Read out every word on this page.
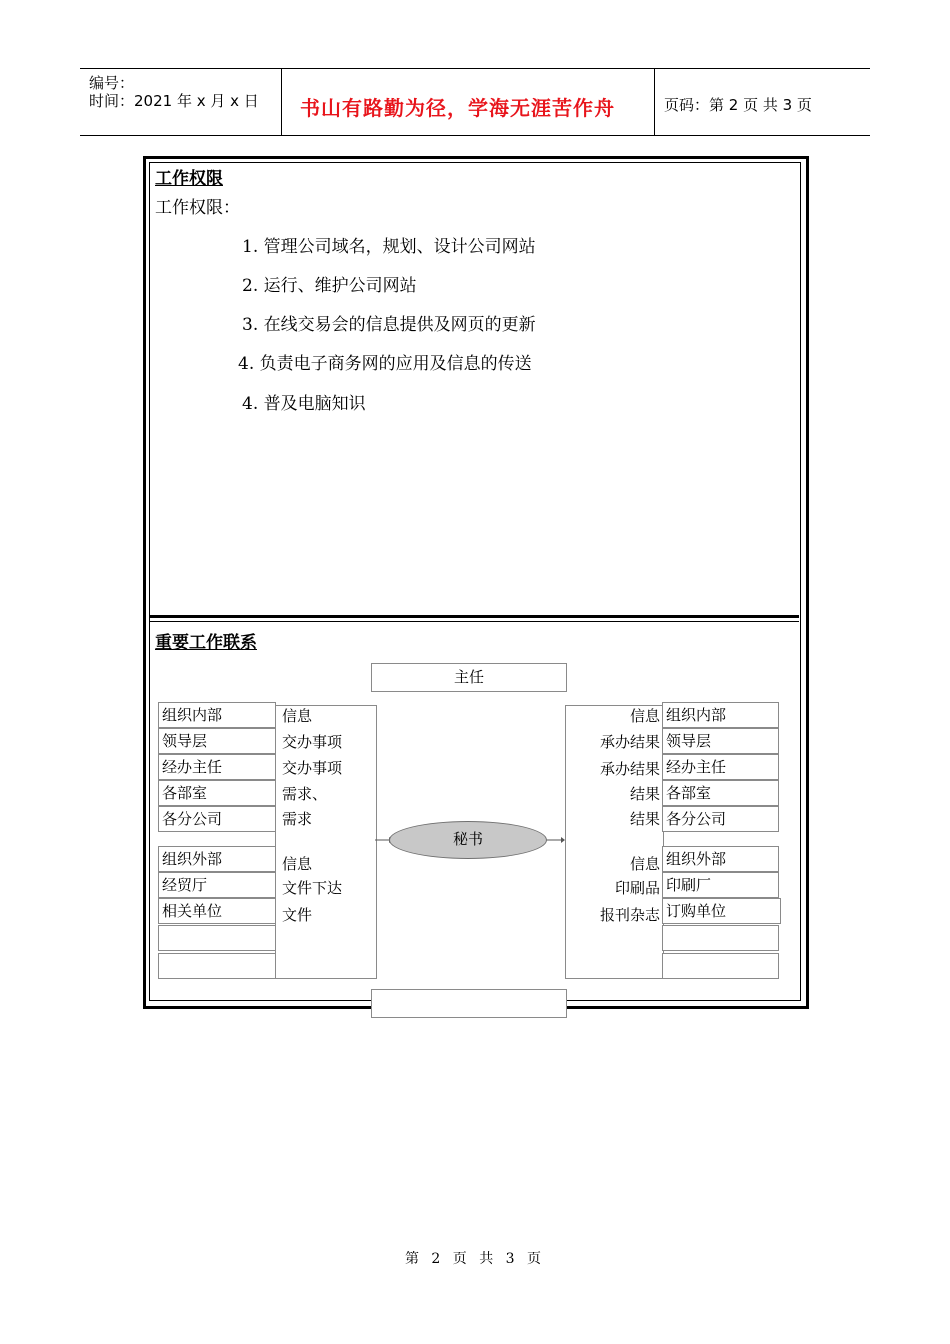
编号：
时间：2021 年 x 月 x 日 书山有路勤为径，学海无涯苦作舟	页码：第 2 页 共 3 页
工作权限
工作权限：
1. 管理公司域名，规划、设计公司网站
2. 运行、维护公司网站
3. 在线交易会的信息提供及网页的更新
4. 负责电子商务网的应用及信息的传送
4. 普及电脑知识
重要工作联系
主任
组织内部
领导层
经办主任
各部室
各分公司
组织外部
经贸厅
相关单位
信息
交办事项
交办事项
需求、
需求
信息
文件下达
文件
组织内部
领导层
经办主任
各部室
各分公司
组织外部
印刷厂
订购单位
信息
承办结果
承办结果
结果
结果
信息
印刷品
报刊杂志
秘书
第 2 页 共 3 页
